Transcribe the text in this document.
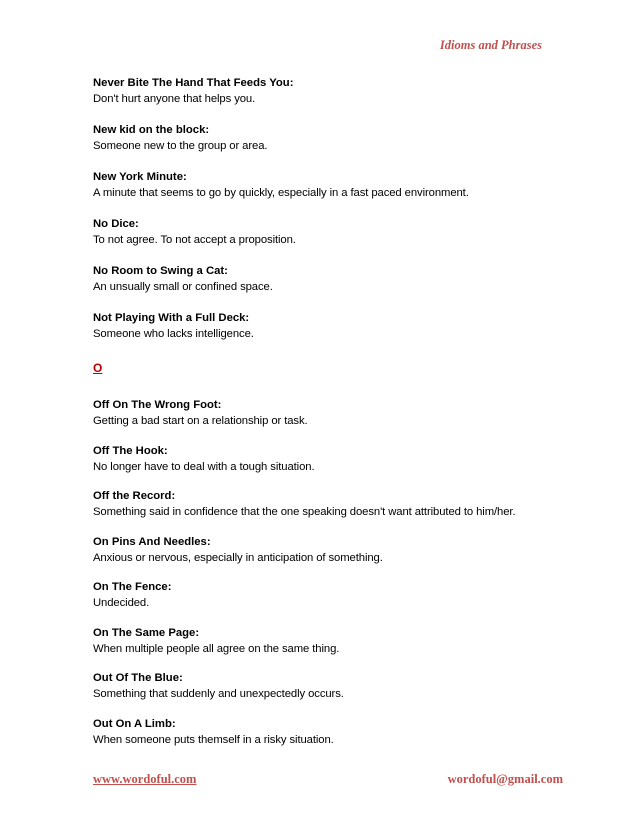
Idioms and Phrases
Never Bite The Hand That Feeds You:
Don't hurt anyone that helps you.
New kid on the block:
Someone new to the group or area.
New York Minute:
A minute that seems to go by quickly, especially in a fast paced environment.
No Dice:
To not agree. To not accept a proposition.
No Room to Swing a Cat:
An unsually small or confined space.
Not Playing With a Full Deck:
Someone who lacks intelligence.
O
Off On The Wrong Foot:
Getting a bad start on a relationship or task.
Off The Hook:
No longer have to deal with a tough situation.
Off the Record:
Something said in confidence that the one speaking doesn't want attributed to him/her.
On Pins And Needles:
Anxious or nervous, especially in anticipation of something.
On The Fence:
Undecided.
On The Same Page:
When multiple people all agree on the same thing.
Out Of The Blue:
Something that suddenly and unexpectedly occurs.
Out On A Limb:
When someone puts themself in a risky situation.
www.wordoful.com	wordoful@gmail.com
